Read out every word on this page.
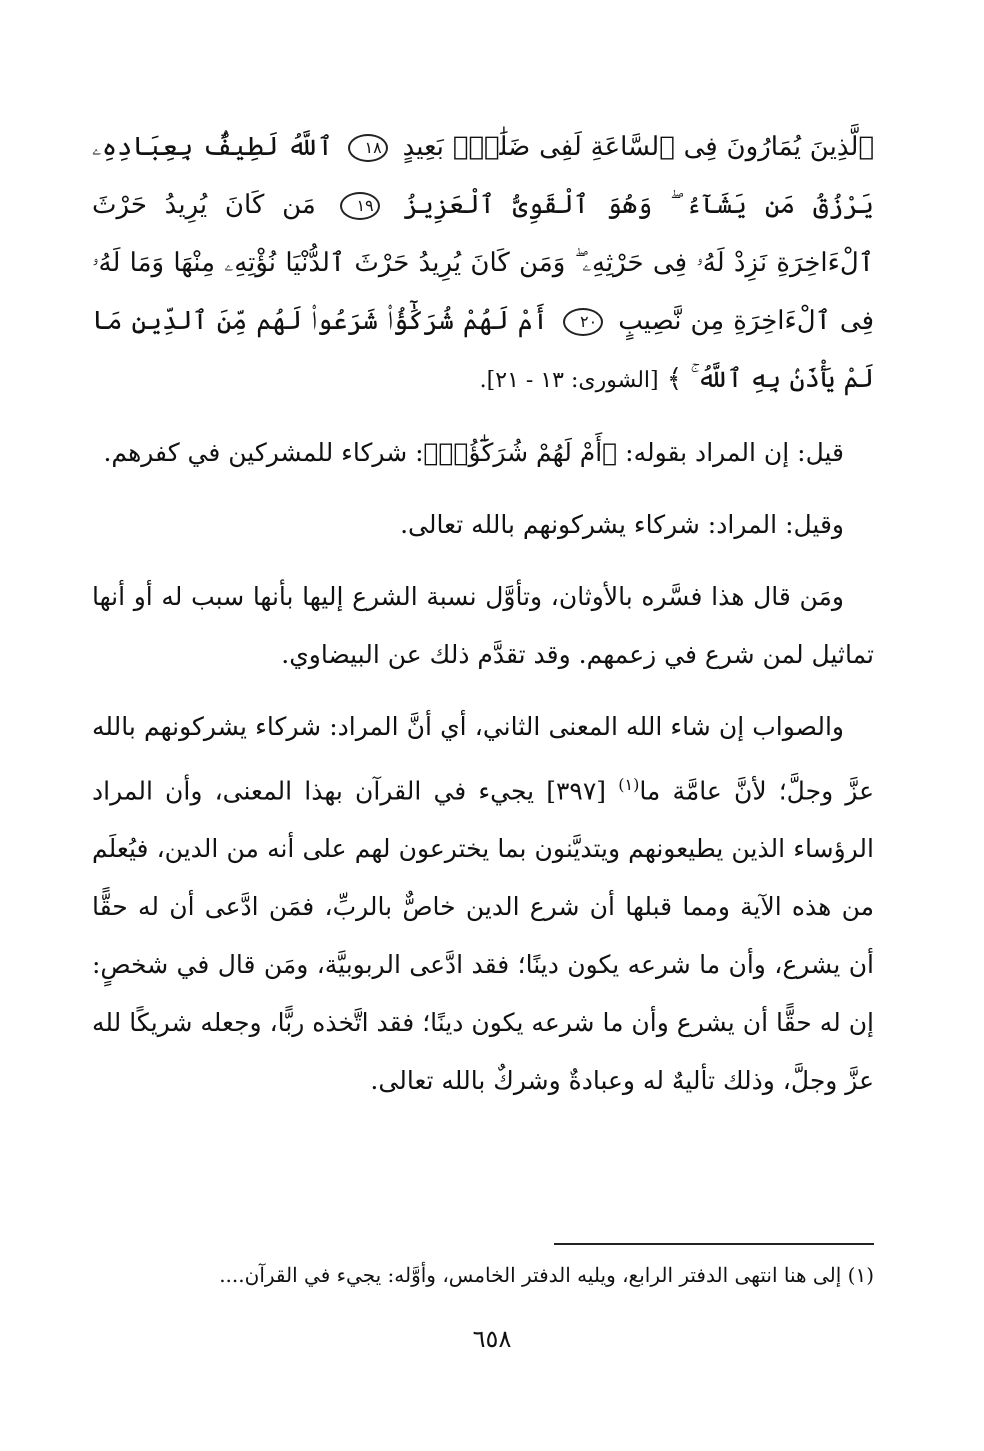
ٱلَّذِينَ يُمَارُونَ فِى ٱلسَّاعَةِ لَفِى ضَلَٰلٍۭ بَعِيدٍ ١٨ ٱللَّهُ لَطِيفٌۢ بِعِبَادِهِۦ يَرْزُقُ مَن يَشَآءُ ۖ وَهُوَ ٱلْقَوِىُّ ٱلْعَزِيزُ ١٩ مَن كَانَ يُرِيدُ حَرْثَ ٱلْءَاخِرَةِ نَزِدْ لَهُۥ فِى حَرْثِهِۦ ۖ وَمَن كَانَ يُرِيدُ حَرْثَ ٱلدُّنْيَا نُؤْتِهِۦ مِنْهَا وَمَا لَهُۥ فِى ٱلْءَاخِرَةِ مِن نَّصِيبٍ ٢٠ أَمْ لَهُمْ شُرَكَٰٓؤُا۟ شَرَعُوا۟ لَهُم مِّنَ ٱلدِّينِ مَا لَمْ يَأْذَنۢ بِهِ ٱللَّهُ ۚ ﴾ [الشورى: ١٣ - ٢١].

قيل: إن المراد بقوله: ﴿أَمْ لَهُمْ شُرَكَٰٓؤُا۟﴾: شركاء للمشركين في كفرهم.

وقيل: المراد: شركاء يشركونهم بالله تعالى.

ومَن قال هذا فسَّره بالأوثان، وتأوَّل نسبة الشرع إليها بأنها سبب له أو أنها تماثيل لمن شرع في زعمهم. وقد تقدَّم ذلك عن البيضاوي.

والصواب إن شاء الله المعنى الثاني، أي أنَّ المراد: شركاء يشركونهم بالله عزَّ وجلَّ؛ لأنَّ عامَّة ما$^{(١)}$ [٣٩٧] يجيء في القرآن بهذا المعنى، وأن المراد الرؤساء الذين يطيعونهم ويتديَّنون بما يخترعون لهم على أنه من الدين، فيُعلَم من هذه الآية ومما قبلها أن شرع الدين خاصٌّ بالربِّ، فمَن ادَّعى أن له حقًّا أن يشرع، وأن ما شرعه يكون دينًا؛ فقد ادَّعى الربوبيَّة، ومَن قال في شخصٍ: إن له حقًّا أن يشرع وأن ما شرعه يكون دينًا؛ فقد اتَّخذه ربًّا، وجعله شريكًا لله عزَّ وجلَّ، وذلك تأليهٌ له وعبادةٌ وشركٌ بالله تعالى.

(١) إلى هنا انتهى الدفتر الرابع، ويليه الدفتر الخامس، وأوَّله: يجيء في القرآن....
٦٥٨
